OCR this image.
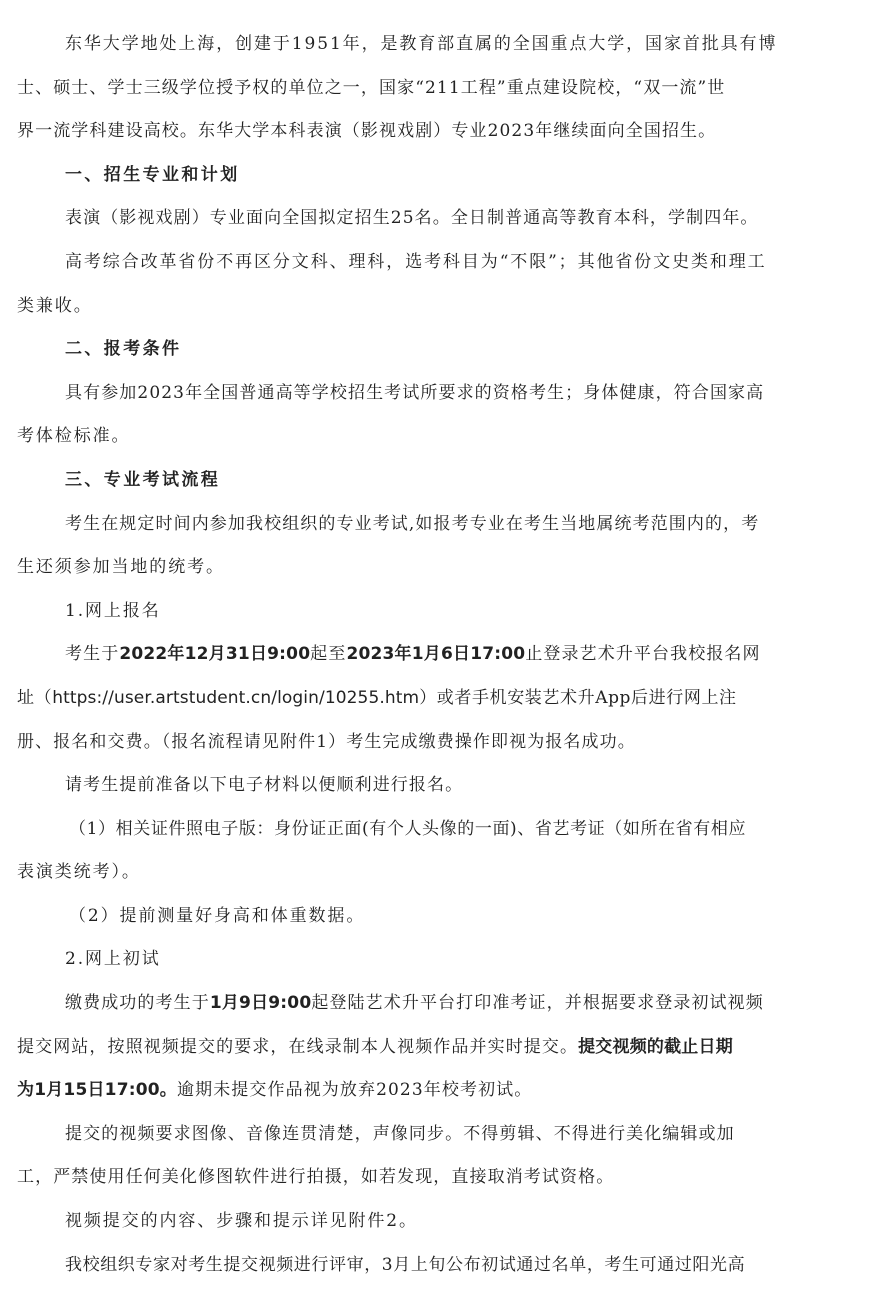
东华大学地处上海，创建于1951年，是教育部直属的全国重点大学，国家首批具有博
士、硕士、学士三级学位授予权的单位之一，国家“211工程”重点建设院校，“双一流”世
界一流学科建设高校。东华大学本科表演（影视戏剧）专业2023年继续面向全国招生。
一、招生专业和计划
表演（影视戏剧）专业面向全国拟定招生25名。全日制普通高等教育本科，学制四年。
高考综合改革省份不再区分文科、理科，选考科目为“不限”；其他省份文史类和理工
类兼收。
二、报考条件
具有参加2023年全国普通高等学校招生考试所要求的资格考生；身体健康，符合国家高
考体检标准。
三、专业考试流程
考生在规定时间内参加我校组织的专业考试,如报考专业在考生当地属统考范围内的，考
生还须参加当地的统考。
1.网上报名
考生于2022年12月31日9:00起至2023年1月6日17:00止登录艺术升平台我校报名网
址（https://user.artstudent.cn/login/10255.htm）或者手机安装艺术升App后进行网上注
册、报名和交费。（报名流程请见附件1）考生完成缴费操作即视为报名成功。
请考生提前准备以下电子材料以便顺利进行报名。
（1）相关证件照电子版：身份证正面(有个人头像的一面)、省艺考证（如所在省有相应
表演类统考）。
（2）提前测量好身高和体重数据。
2.网上初试
缴费成功的考生于1月9日9:00起登陆艺术升平台打印准考证，并根据要求登录初试视频
提交网站，按照视频提交的要求，在线录制本人视频作品并实时提交。提交视频的截止日期
为1月15日17:00。逾期未提交作品视为放弃2023年校考初试。
提交的视频要求图像、音像连贯清楚，声像同步。不得剪辑、不得进行美化编辑或加
工，严禁使用任何美化修图软件进行拍摄，如若发现，直接取消考试资格。
视频提交的内容、步骤和提示详见附件2。
我校组织专家对考生提交视频进行评审，3月上旬公布初试通过名单，考生可通过阳光高
